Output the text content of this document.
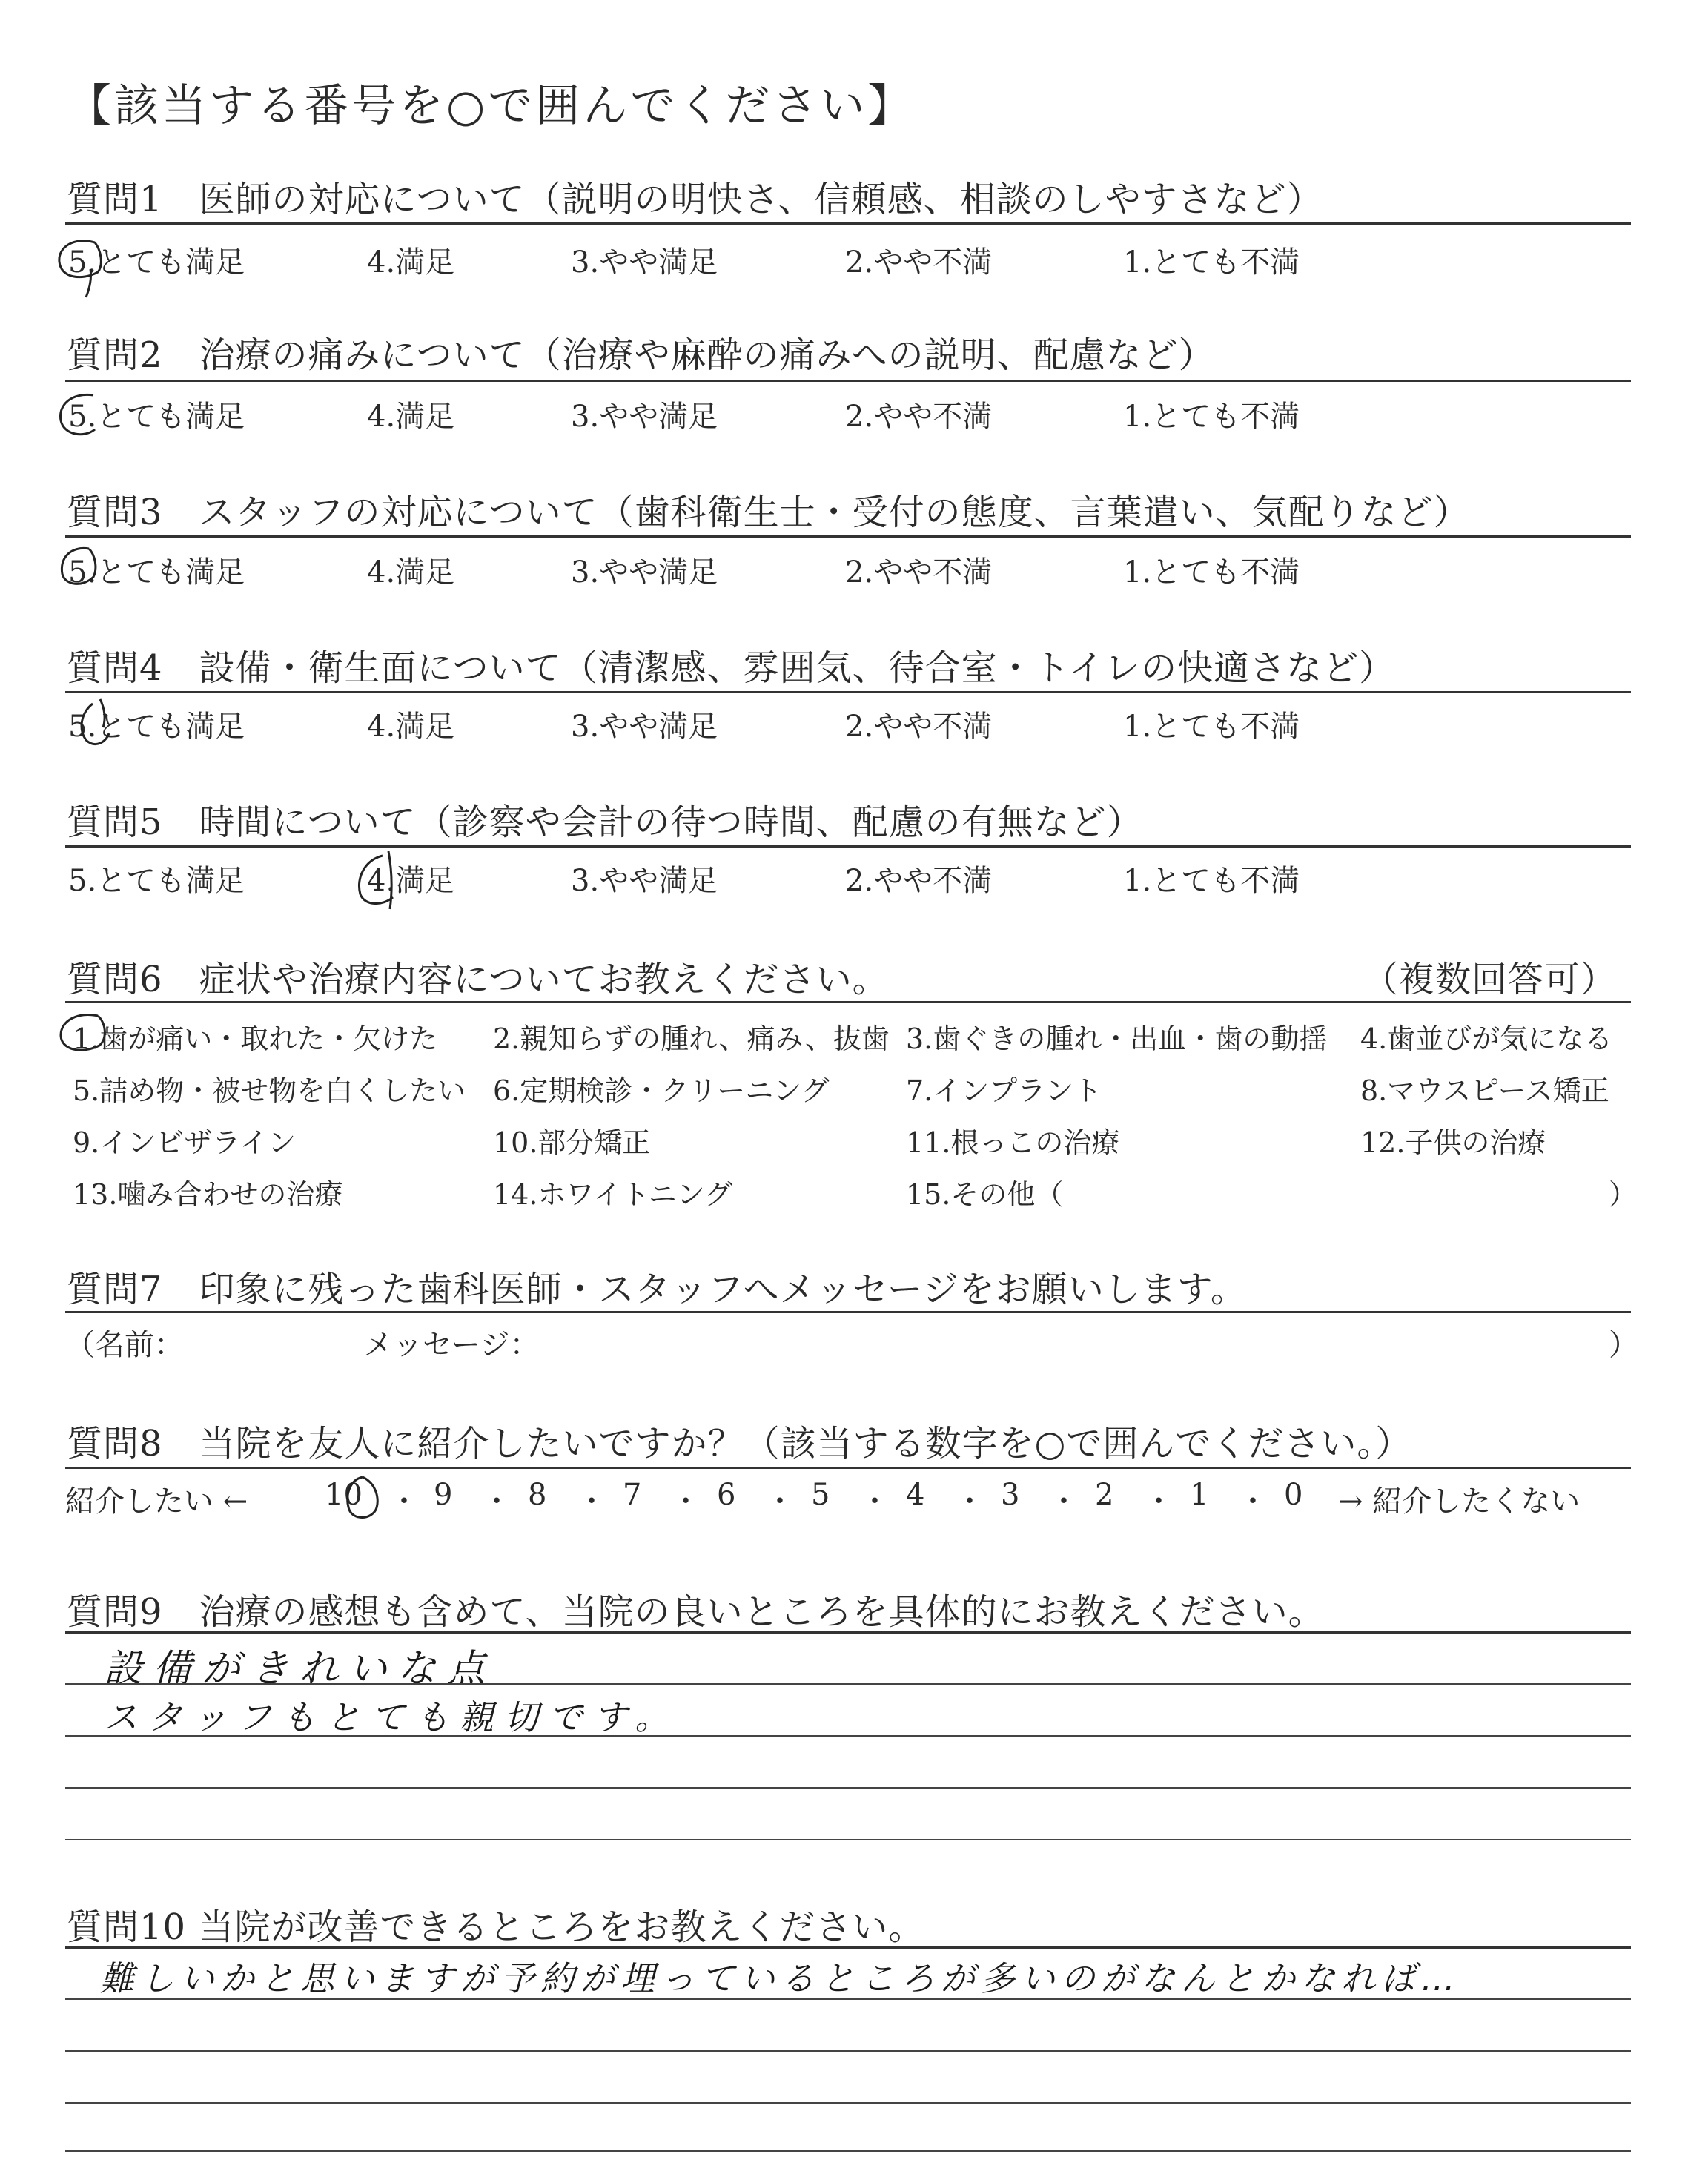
【該当する番号を○で囲んでください】
質問1　医師の対応について（説明の明快さ、信頼感、相談のしやすさなど）
5.とても満足	4.満足	3.やや満足	2.やや不満	1.とても不満
質問2　治療の痛みについて（治療や麻酔の痛みへの説明、配慮など）
5.とても満足	4.満足	3.やや満足	2.やや不満	1.とても不満
質問3　スタッフの対応について（歯科衛生士・受付の態度、言葉遣い、気配りなど）
5.とても満足	4.満足	3.やや満足	2.やや不満	1.とても不満
質問4　設備・衛生面について（清潔感、雰囲気、待合室・トイレの快適さなど）
5.とても満足	4.満足	3.やや満足	2.やや不満	1.とても不満
質問5　時間について（診察や会計の待つ時間、配慮の有無など）
5.とても満足	4.満足	3.やや満足	2.やや不満	1.とても不満
質問6　症状や治療内容についてお教えください。	（複数回答可）
1.歯が痛い・取れた・欠けた 2.親知らずの腫れ、痛み、抜歯 3.歯ぐきの腫れ・出血・歯の動揺 4.歯並びが気になる
5.詰め物・被せ物を白くしたい 6.定期検診・クリーニング	7.インプラント	8.マウスピース矯正
9.インビザライン	10.部分矯正	11.根っこの治療	12.子供の治療
13.噛み合わせの治療	14.ホワイトニング	15.その他（	）
質問7　印象に残った歯科医師・スタッフへメッセージをお願いします。
（名前：	メッセージ：	）
質問8　当院を友人に紹介したいですか？（該当する数字を○で囲んでください。）
紹介したい ←	10 ・ 9 ・ 8 ・ 7 ・ 6 ・ 5 ・ 4 ・ 3 ・ 2 ・ 1 ・ 0 → 紹介したくない
質問9　治療の感想も含めて、当院の良いところを具体的にお教えください。
設備がきれいな点
スタッフもとても親切です。
質問10 当院が改善できるところをお教えください。
難しいかと思いますが予約が埋っているところが多いのがなんとかなれば…
